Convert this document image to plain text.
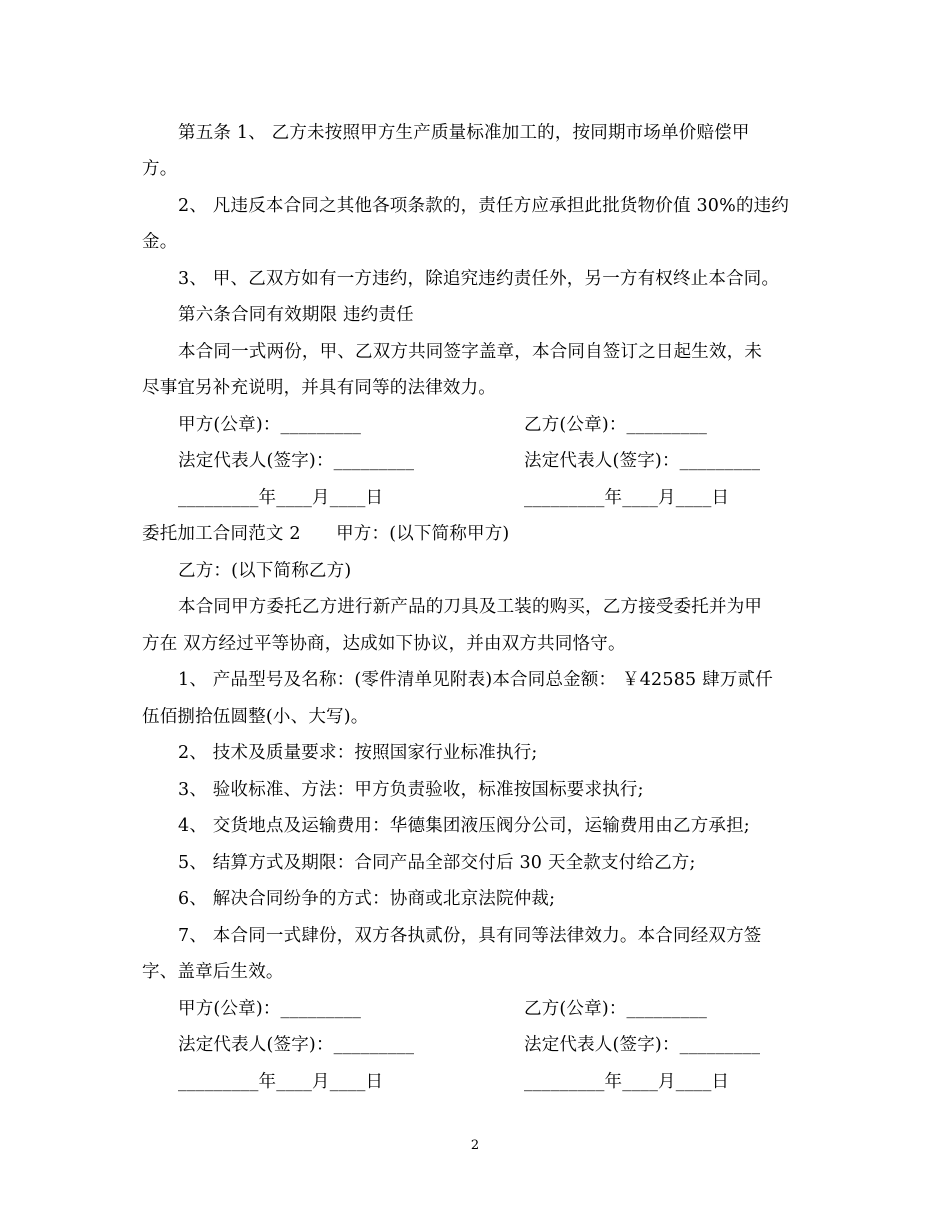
第五条 1、 乙方未按照甲方生产质量标准加工的，按同期市场单价赔偿甲
方。
2、 凡违反本合同之其他各项条款的，责任方应承担此批货物价值 30%的违约
金。
3、 甲、乙双方如有一方违约，除追究违约责任外，另一方有权终止本合同。
第六条合同有效期限 违约责任
本合同一式两份，甲、乙双方共同签字盖章，本合同自签订之日起生效，未
尽事宜另补充说明，并具有同等的法律效力。
甲方(公章)：_________	乙方(公章)：_________
法定代表人(签字)：_________	法定代表人(签字)：_________
_________年____月____日	_________年____月____日
委托加工合同范文 2　　甲方：(以下简称甲方)
乙方：(以下简称乙方)
本合同甲方委托乙方进行新产品的刀具及工装的购买，乙方接受委托并为甲
方在 双方经过平等协商，达成如下协议，并由双方共同恪守。
1、 产品型号及名称：(零件清单见附表)本合同总金额： ￥42585 肆万贰仟
伍佰捌拾伍圆整(小、大写)。
2、 技术及质量要求：按照国家行业标准执行;
3、 验收标准、方法：甲方负责验收，标准按国标要求执行;
4、 交货地点及运输费用：华德集团液压阀分公司，运输费用由乙方承担;
5、 结算方式及期限：合同产品全部交付后 30 天全款支付给乙方;
6、 解决合同纷争的方式：协商或北京法院仲裁;
7、 本合同一式肆份，双方各执贰份，具有同等法律效力。本合同经双方签
字、盖章后生效。
甲方(公章)：_________	乙方(公章)：_________
法定代表人(签字)：_________	法定代表人(签字)：_________
_________年____月____日	_________年____月____日
2
